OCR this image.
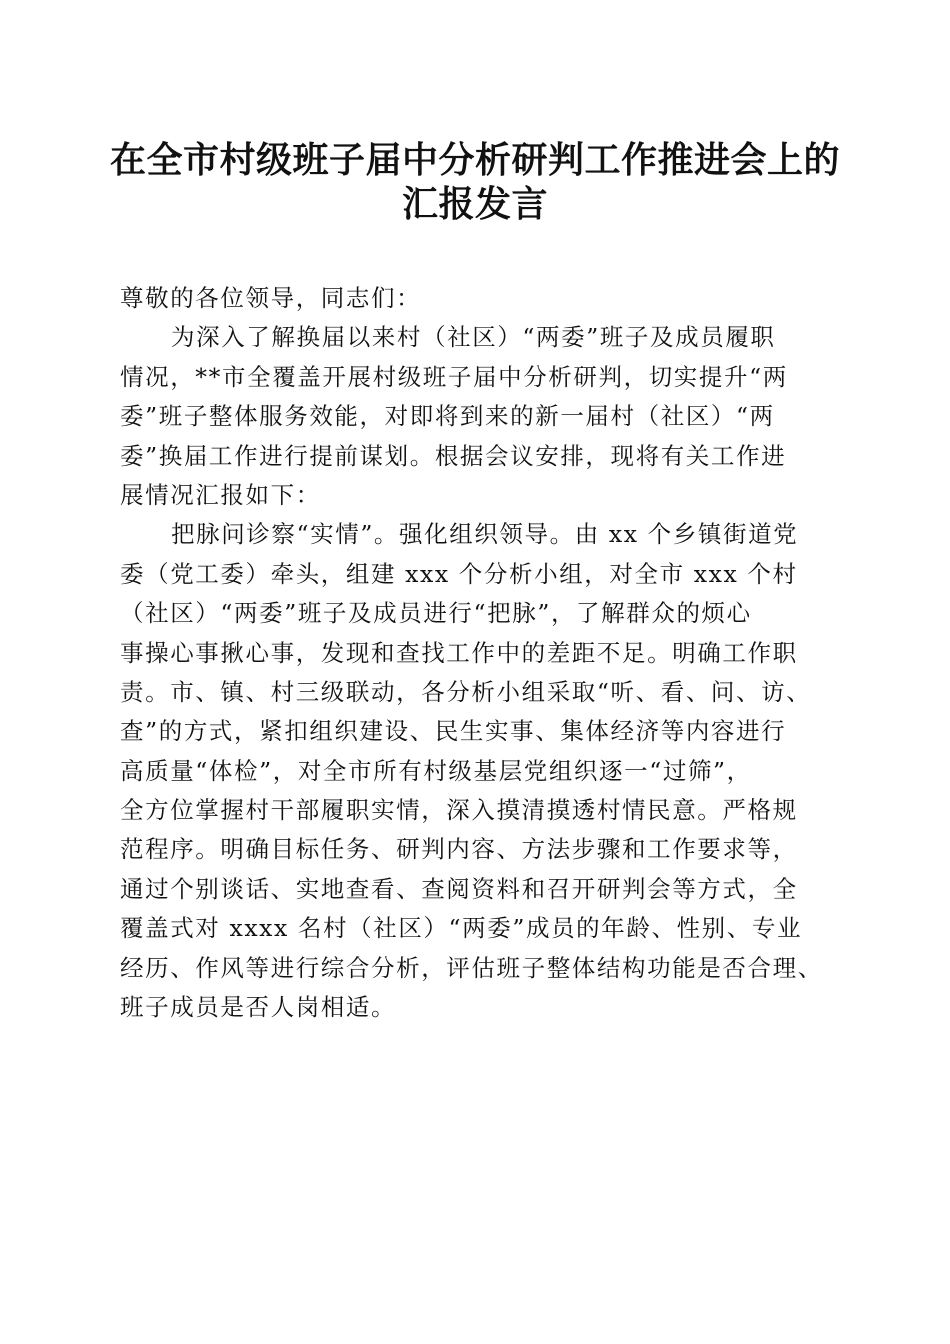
在全市村级班子届中分析研判工作推进会上的
汇报发言
尊敬的各位领导，同志们：
为深入了解换届以来村（社区）“两委”班子及成员履职
情况，**市全覆盖开展村级班子届中分析研判，切实提升“两
委”班子整体服务效能，对即将到来的新一届村（社区）“两
委”换届工作进行提前谋划。根据会议安排，现将有关工作进
展情况汇报如下：
把脉问诊察“实情”。强化组织领导。由 xx 个乡镇街道党
委（党工委）牵头，组建 xxx 个分析小组，对全市 xxx 个村
（社区）“两委”班子及成员进行“把脉”，了解群众的烦心
事操心事揪心事，发现和查找工作中的差距不足。明确工作职
责。市、镇、村三级联动，各分析小组采取“听、看、问、访、
查”的方式，紧扣组织建设、民生实事、集体经济等内容进行
高质量“体检”，对全市所有村级基层党组织逐一“过筛”，
全方位掌握村干部履职实情，深入摸清摸透村情民意。严格规
范程序。明确目标任务、研判内容、方法步骤和工作要求等，
通过个别谈话、实地查看、查阅资料和召开研判会等方式，全
覆盖式对 xxxx 名村（社区）“两委”成员的年龄、性别、专业
经历、作风等进行综合分析，评估班子整体结构功能是否合理、
班子成员是否人岗相适。
